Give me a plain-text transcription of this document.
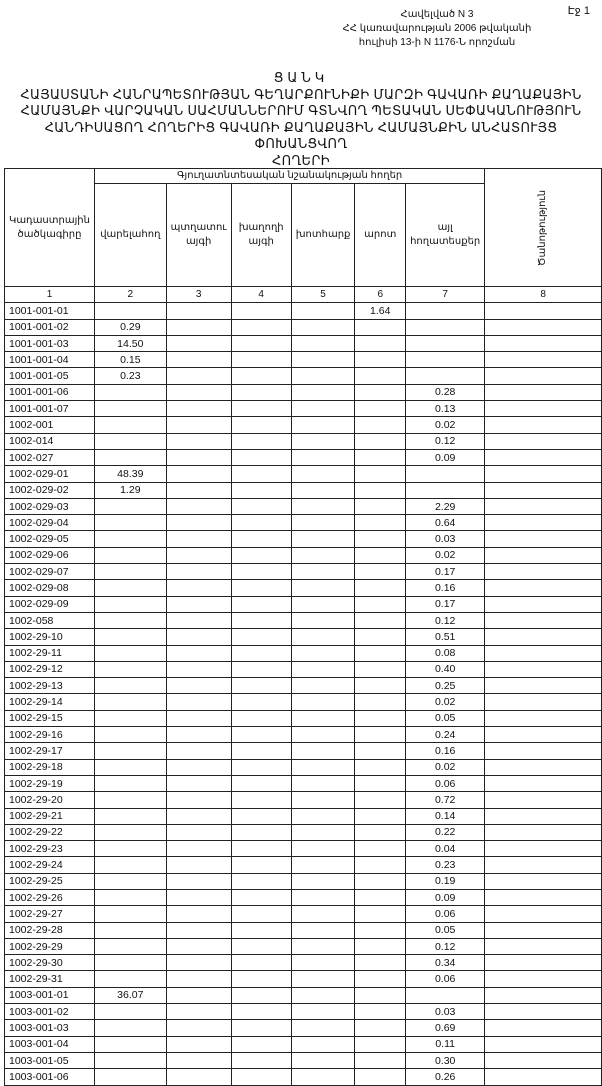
Էջ 1
Հավելված N 3
ՀՀ կառավարության 2006 թվականի
հուլիսի 13-ի N 1176-Ն որոշման
ՑԱՆԿ
ՀԱՅԱՍՏԱՆԻ ՀԱՆՐԱՊԵՏՈՒԹՅԱՆ ԳԵՂԱՐՔՈՒՆԻՔԻ ՄԱՐԶԻ ԳԱՎԱՌԻ ՔԱՂԱՔԱՅԻՆ
ՀԱՄԱՅՆՔԻ ՎԱՐՉԱԿԱՆ ՍԱՀՄԱՆՆԵՐՈՒՄ ԳՏՆՎՈՂ ՊԵՏԱԿԱՆ ՍԵՓԱԿԱՆՈՒԹՅՈՒՆ
ՀԱՆԴԻՍԱՑՈՂ ՀՈՂԵՐԻՑ ԳԱՎԱՌԻ ՔԱՂԱՔԱՅԻՆ ՀԱՄԱՅՆՔԻՆ ԱՆՀԱՏՈՒՅՑ ՓՈԽԱՆՑՎՈՂ
ՀՈՂԵՐԻ
Կադաստրային ծածկագիրը	Գյուղատնտեսական նշանակության հողեր						Ծանոթություն

	վարելահող	պտղատու այգի	խաղողի այգի	խոտհարք	արոտ	այլ հողատեսքեր	
1	2	3	4	5	6	7	8
1001-001-01					1.64		
1001-001-02	0.29						
1001-001-03	14.50						
1001-001-04	0.15						
1001-001-05	0.23						
1001-001-06						0.28	
1001-001-07						0.13	
1002-001						0.02	
1002-014						0.12	
1002-027						0.09	
1002-029-01	48.39						
1002-029-02	1.29						
1002-029-03						2.29	
1002-029-04						0.64	
1002-029-05						0.03	
1002-029-06						0.02	
1002-029-07						0.17	
1002-029-08						0.16	
1002-029-09						0.17	
1002-058						0.12	
1002-29-10						0.51	
1002-29-11						0.08	
1002-29-12						0.40	
1002-29-13						0.25	
1002-29-14						0.02	
1002-29-15						0.05	
1002-29-16						0.24	
1002-29-17						0.16	
1002-29-18						0.02	
1002-29-19						0.06	
1002-29-20						0.72	
1002-29-21						0.14	
1002-29-22						0.22	
1002-29-23						0.04	
1002-29-24						0.23	
1002-29-25						0.19	
1002-29-26						0.09	
1002-29-27						0.06	
1002-29-28						0.05	
1002-29-29						0.12	
1002-29-30						0.34	
1002-29-31						0.06	
1003-001-01	36.07						
1003-001-02						0.03	
1003-001-03						0.69	
1003-001-04						0.11	
1003-001-05						0.30	
1003-001-06						0.26	
